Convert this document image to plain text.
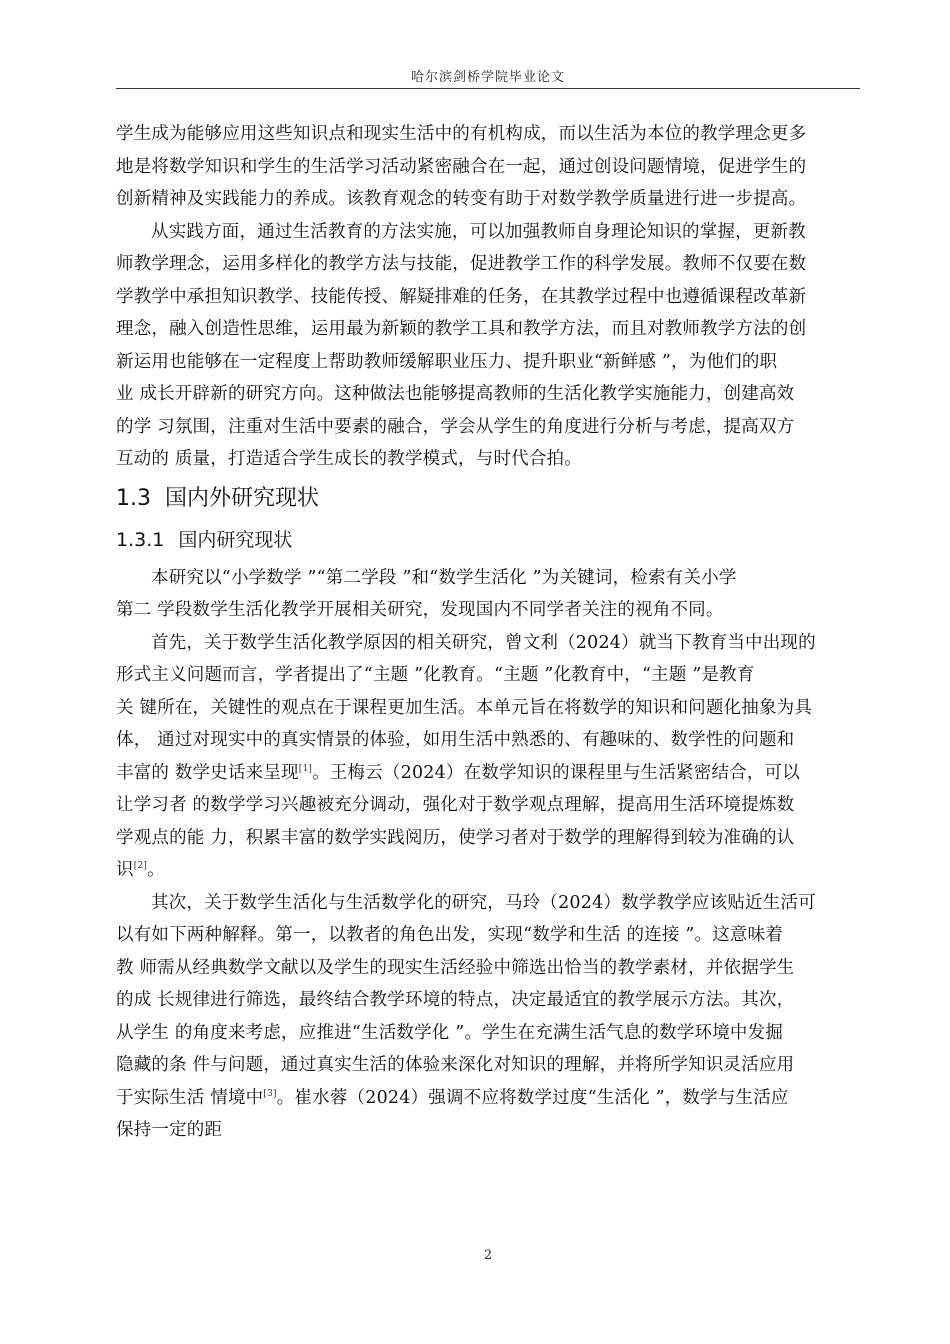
哈尔滨剑桥学院毕业论文

学生成为能够应用这些知识点和现实生活中的有机构成，而以生活为本位的教学理念更多
地是将数学知识和学生的生活学习活动紧密融合在一起，通过创设问题情境，促进学生的
创新精神及实践能力的养成。该教育观念的转变有助于对数学教学质量进行进一步提高。

从实践方面，通过生活教育的方法实施，可以加强教师自身理论知识的掌握，更新教
师教学理念，运用多样化的教学方法与技能，促进教学工作的科学发展。教师不仅要在数
学教学中承担知识教学、技能传授、解疑排难的任务，在其教学过程中也遵循课程改革新
理念，融入创造性思维，运用最为新颖的教学工具和教学方法，而且对教师教学方法的创
新运用也能够在一定程度上帮助教师缓解职业压力、提升职业“新鲜感 ”，为他们的职
业 成长开辟新的研究方向。这种做法也能够提高教师的生活化教学实施能力，创建高效
的学 习氛围，注重对生活中要素的融合，学会从学生的角度进行分析与考虑，提高双方
互动的 质量，打造适合学生成长的教学模式，与时代合拍。

1.3 国内外研究现状
1.3.1 国内研究现状

本研究以“小学数学 ”“第二学段 ”和“数学生活化 ”为关键词，检索有关小学
第二 学段数学生活化教学开展相关研究，发现国内不同学者关注的视角不同。

首先，关于数学生活化教学原因的相关研究，曾文利（2024）就当下教育当中出现的
形式主义问题而言，学者提出了“主题 ”化教育。“主题 ”化教育中，“主题 ”是教育
关 键所在，关键性的观点在于课程更加生活。本单元旨在将数学的知识和问题化抽象为具
体， 通过对现实中的真实情景的体验，如用生活中熟悉的、有趣味的、数学性的问题和
丰富的 数学史话来呈现[1]。王梅云（2024）在数学知识的课程里与生活紧密结合，可以
让学习者 的数学学习兴趣被充分调动，强化对于数学观点理解，提高用生活环境提炼数
学观点的能 力，积累丰富的数学实践阅历，使学习者对于数学的理解得到较为准确的认
识[2]。

其次，关于数学生活化与生活数学化的研究，马玲（2024）数学教学应该贴近生活可
以有如下两种解释。第一，以教者的角色出发，实现“数学和生活 的连接 ”。这意味着
教 师需从经典数学文献以及学生的现实生活经验中筛选出恰当的教学素材，并依据学生
的成 长规律进行筛选，最终结合教学环境的特点，决定最适宜的教学展示方法。其次，
从学生 的角度来考虑，应推进“生活数学化 ”。学生在充满生活气息的数学环境中发掘
隐藏的条 件与问题，通过真实生活的体验来深化对知识的理解，并将所学知识灵活应用
于实际生活 情境中[3]。崔水蓉（2024）强调不应将数学过度“生活化 ”，数学与生活应
保持一定的距

2
